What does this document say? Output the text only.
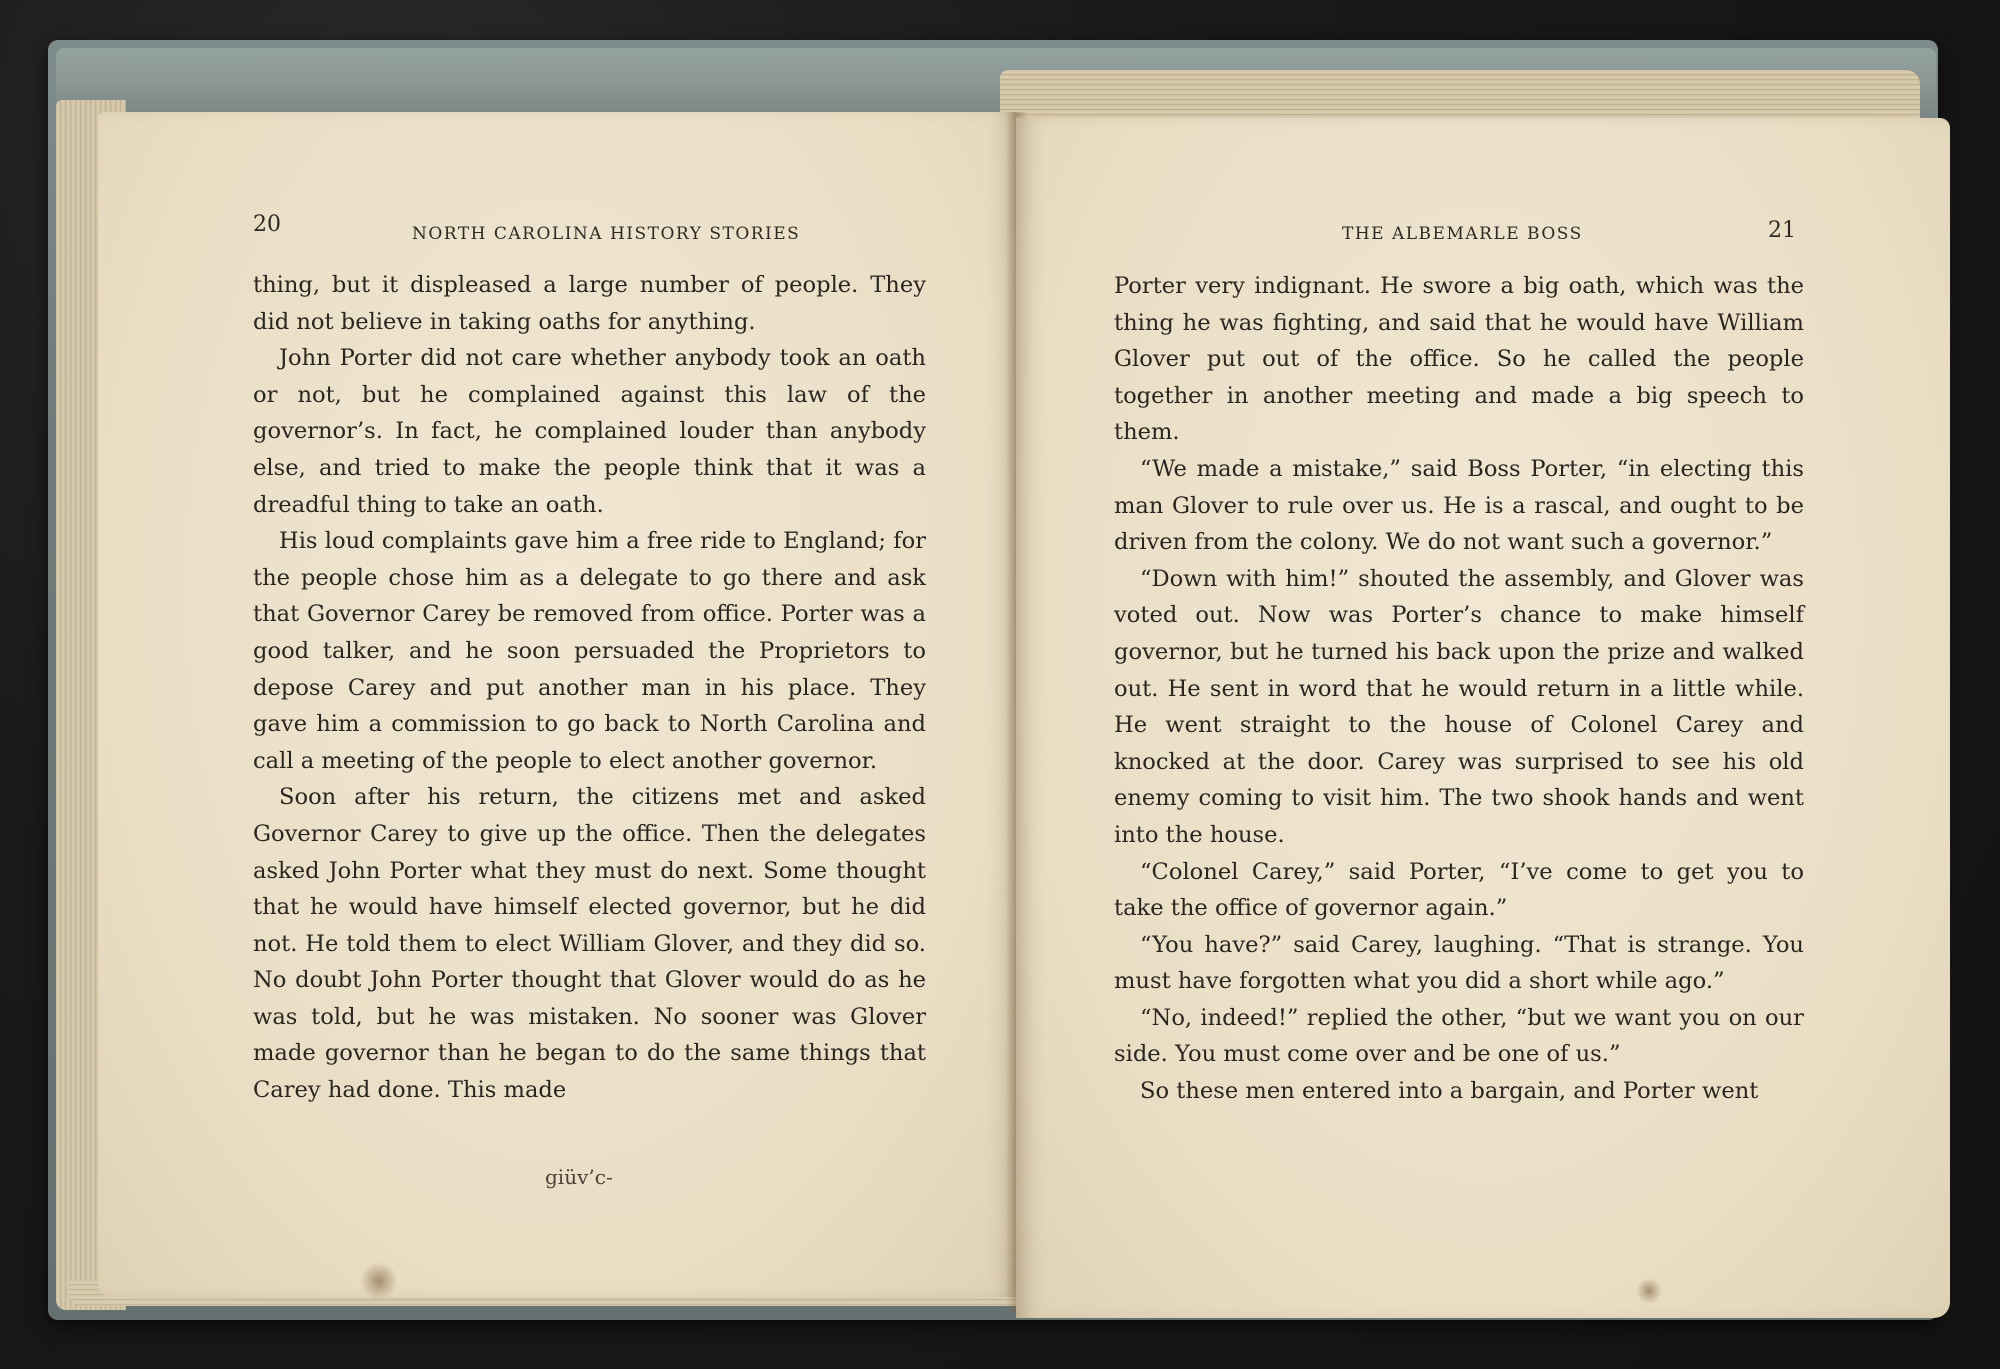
20	NORTH CAROLINA HISTORY STORIES

thing, but it displeased a large number of people. They did not believe in taking oaths for anything.

John Porter did not care whether anybody took an oath or not, but he complained against this law of the governor’s. In fact, he complained louder than anybody else, and tried to make the people think that it was a dreadful thing to take an oath.

His loud complaints gave him a free ride to England; for the people chose him as a delegate to go there and ask that Governor Carey be removed from office. Porter was a good talker, and he soon persuaded the Proprietors to depose Carey and put another man in his place. They gave him a commission to go back to North Carolina and call a meeting of the people to elect another governor.

Soon after his return, the citizens met and asked Governor Carey to give up the office. Then the delegates asked John Porter what they must do next. Some thought that he would have himself elected governor, but he did not. He told them to elect William Glover, and they did so. No doubt John Porter thought that Glover would do as he was told, but he was mistaken. No sooner was Glover made governor than he began to do the same things that Carey had done. This made

giüv’c-
THE ALBEMARLE BOSS	21

Porter very indignant. He swore a big oath, which was the thing he was fighting, and said that he would have William Glover put out of the office. So he called the people together in another meeting and made a big speech to them.

“We made a mistake,” said Boss Porter, “in electing this man Glover to rule over us. He is a rascal, and ought to be driven from the colony. We do not want such a governor.”

“Down with him!” shouted the assembly, and Glover was voted out. Now was Porter’s chance to make himself governor, but he turned his back upon the prize and walked out. He sent in word that he would return in a little while. He went straight to the house of Colonel Carey and knocked at the door. Carey was surprised to see his old enemy coming to visit him. The two shook hands and went into the house.

“Colonel Carey,” said Porter, “I’ve come to get you to take the office of governor again.”

“You have?” said Carey, laughing. “That is strange. You must have forgotten what you did a short while ago.”

“No, indeed!” replied the other, “but we want you on our side. You must come over and be one of us.”

So these men entered into a bargain, and Porter went
